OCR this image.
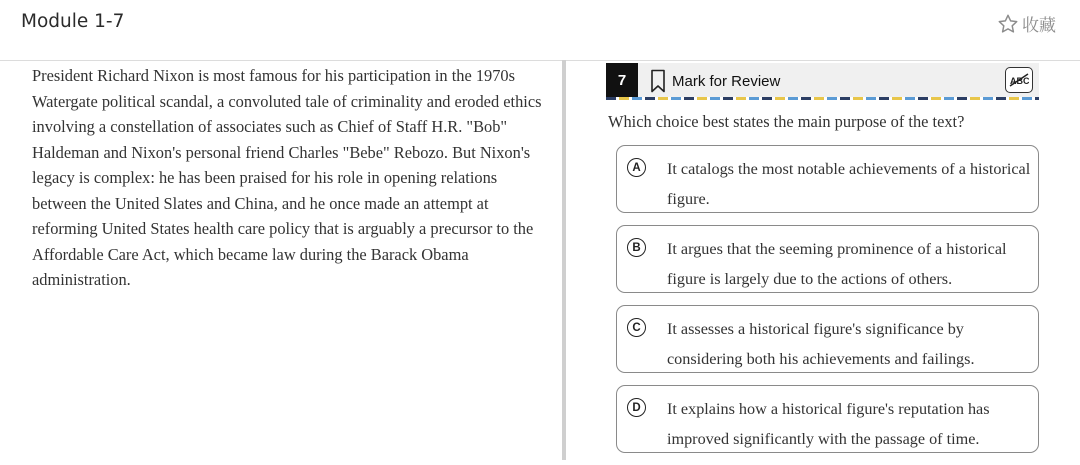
Module 1-7	收藏
President Richard Nixon is most famous for his participation in the 1970s Watergate political scandal, a convoluted tale of criminality and eroded ethics involving a constellation of associates such as Chief of Staff H.R. "Bob" Haldeman and Nixon's personal friend Charles "Bebe" Rebozo. But Nixon's legacy is complex: he has been praised for his role in opening relations between the United Slates and China, and he once made an attempt at reforming United States health care policy that is arguably a precursor to the Affordable Care Act, which became law during the Barack Obama administration.
7	Mark for Review	ABC
Which choice best states the main purpose of the text?
A	It catalogs the most notable achievements of a historical figure.
B	It argues that the seeming prominence of a historical figure is largely due to the actions of others.
C	It assesses a historical figure's significance by considering both his achievements and failings.
D	It explains how a historical figure's reputation has improved significantly with the passage of time.
